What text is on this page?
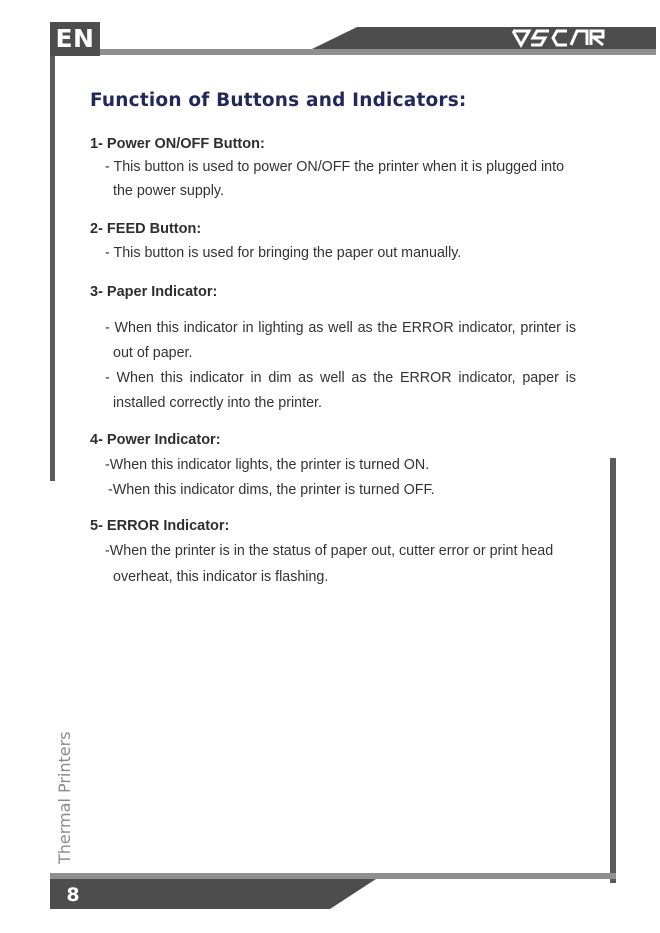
EN
Function of Buttons and Indicators:
1- Power ON/OFF Button:

- This button is used to power ON/OFF the printer when it is plugged into

the power supply.

2- FEED Button:

- This button is used for bringing the paper out manually.

3- Paper Indicator:

- When this indicator in lighting as well as the ERROR indicator, printer is

out of paper.

- When this indicator in dim as well as the ERROR indicator, paper is

installed correctly into the printer.

4- Power Indicator:

-When this indicator lights, the printer is turned ON.

-When this indicator dims, the printer is turned OFF.

5- ERROR Indicator:

-When the printer is in the status of paper out, cutter error or print head

overheat, this indicator is flashing.

Thermal Printers
8
